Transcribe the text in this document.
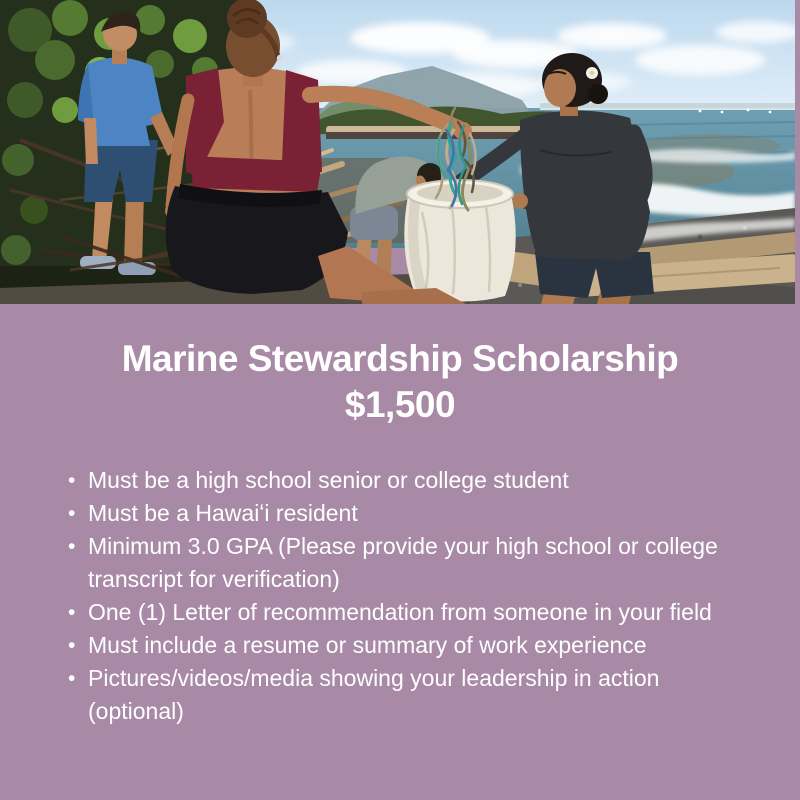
Marine Stewardship Scholarship
$1,500
• Must be a high school senior or college student
• Must be a Hawaiʻi resident
• Minimum 3.0 GPA (Please provide your high school or college transcript for verification)
• One (1) Letter of recommendation from someone in your field
• Must include a resume or summary of work experience
• Pictures/videos/media showing your leadership in action (optional)
